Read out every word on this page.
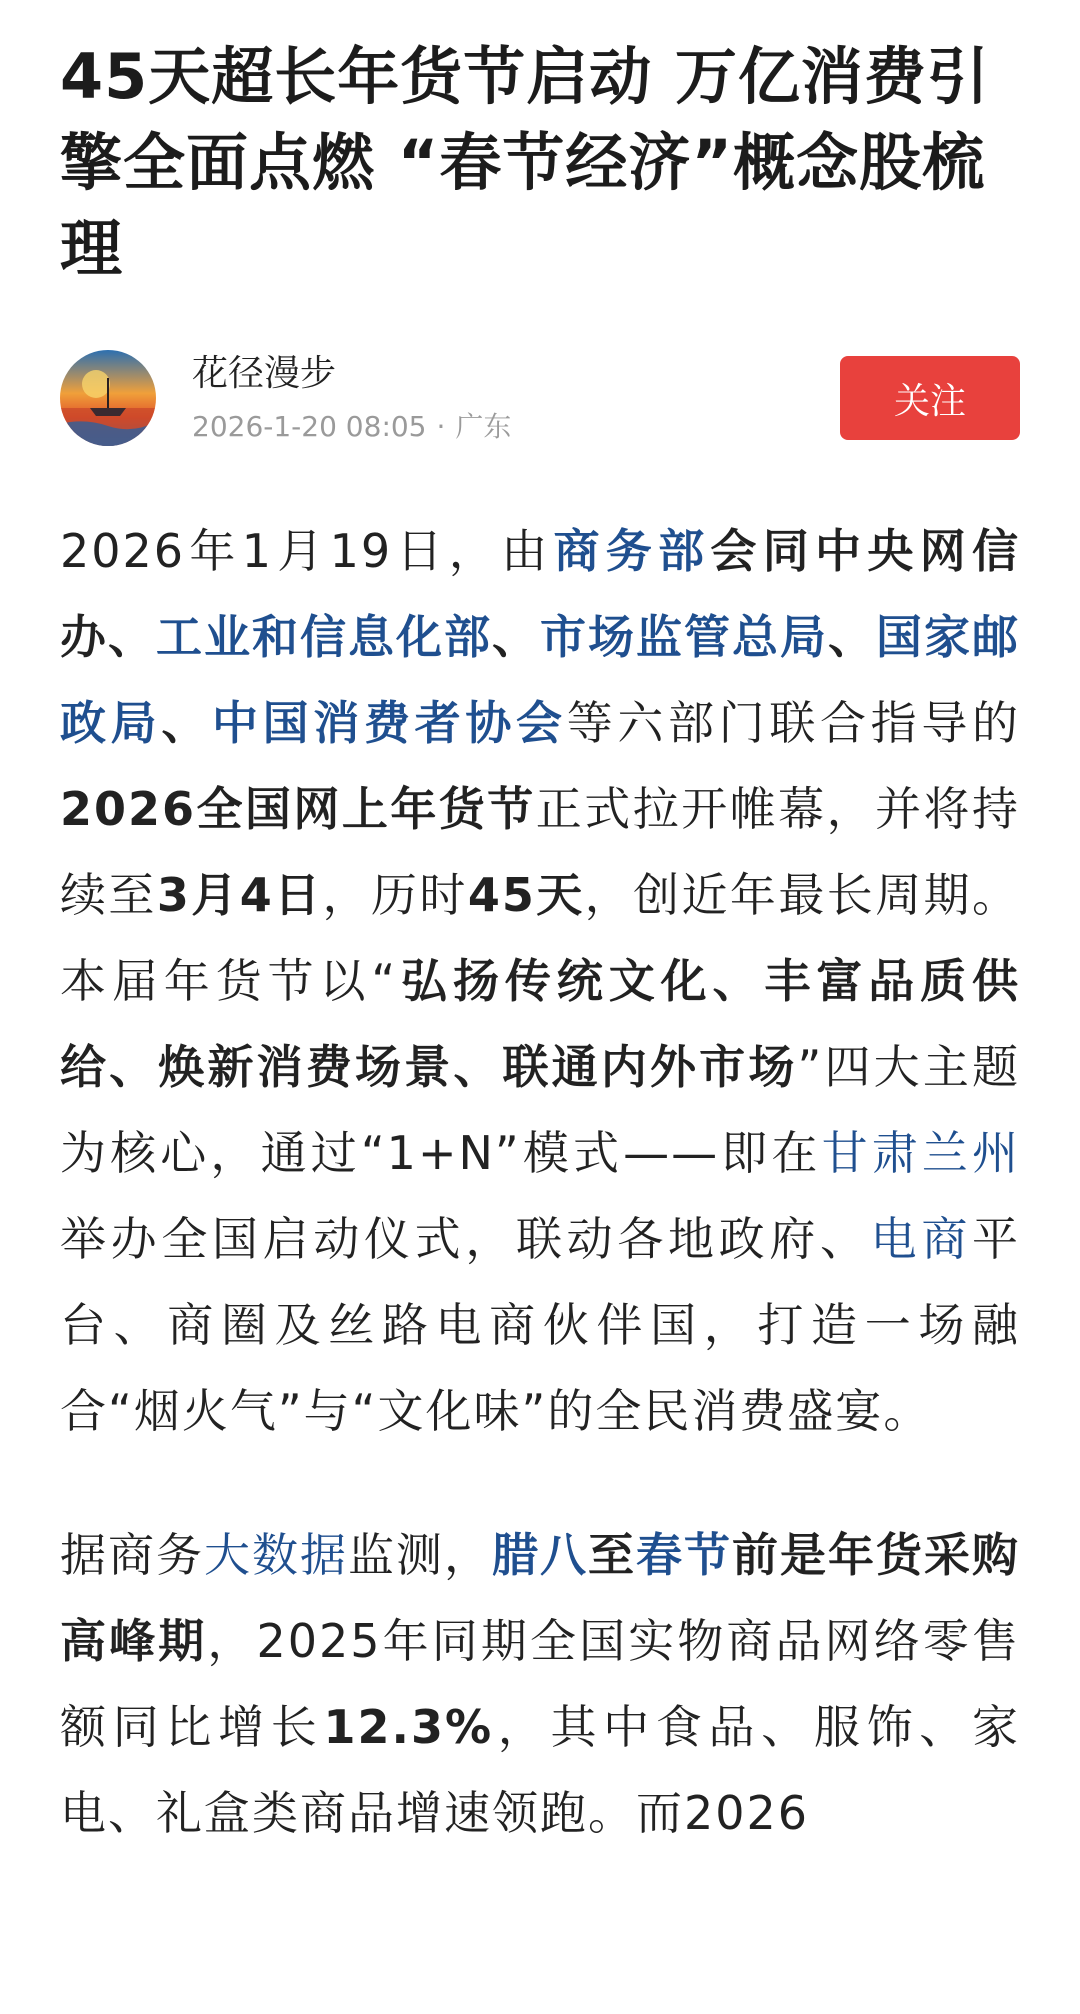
45天超长年货节启动 万亿消费引擎全面点燃 “春节经济”概念股梳理
花径漫步
2026-1-20 08:05 · 广东
关注

2026年1月19日，由商务部会同中央网信办、工业和信息化部、市场监管总局、国家邮政局、中国消费者协会等六部门联合指导的2026全国网上年货节正式拉开帷幕，并将持续至3月4日，历时45天，创近年最长周期。本届年货节以“弘扬传统文化、丰富品质供给、焕新消费场景、联通内外市场”四大主题为核心，通过“1+N”模式——即在甘肃兰州举办全国启动仪式，联动各地政府、电商平台、商圈及丝路电商伙伴国，打造一场融合“烟火气”与“文化味”的全民消费盛宴。

据商务大数据监测，腊八至春节前是年货采购高峰期，2025年同期全国实物商品网络零售额同比增长12.3%，其中食品、服饰、家电、礼盒类商品增速领跑。而2026
